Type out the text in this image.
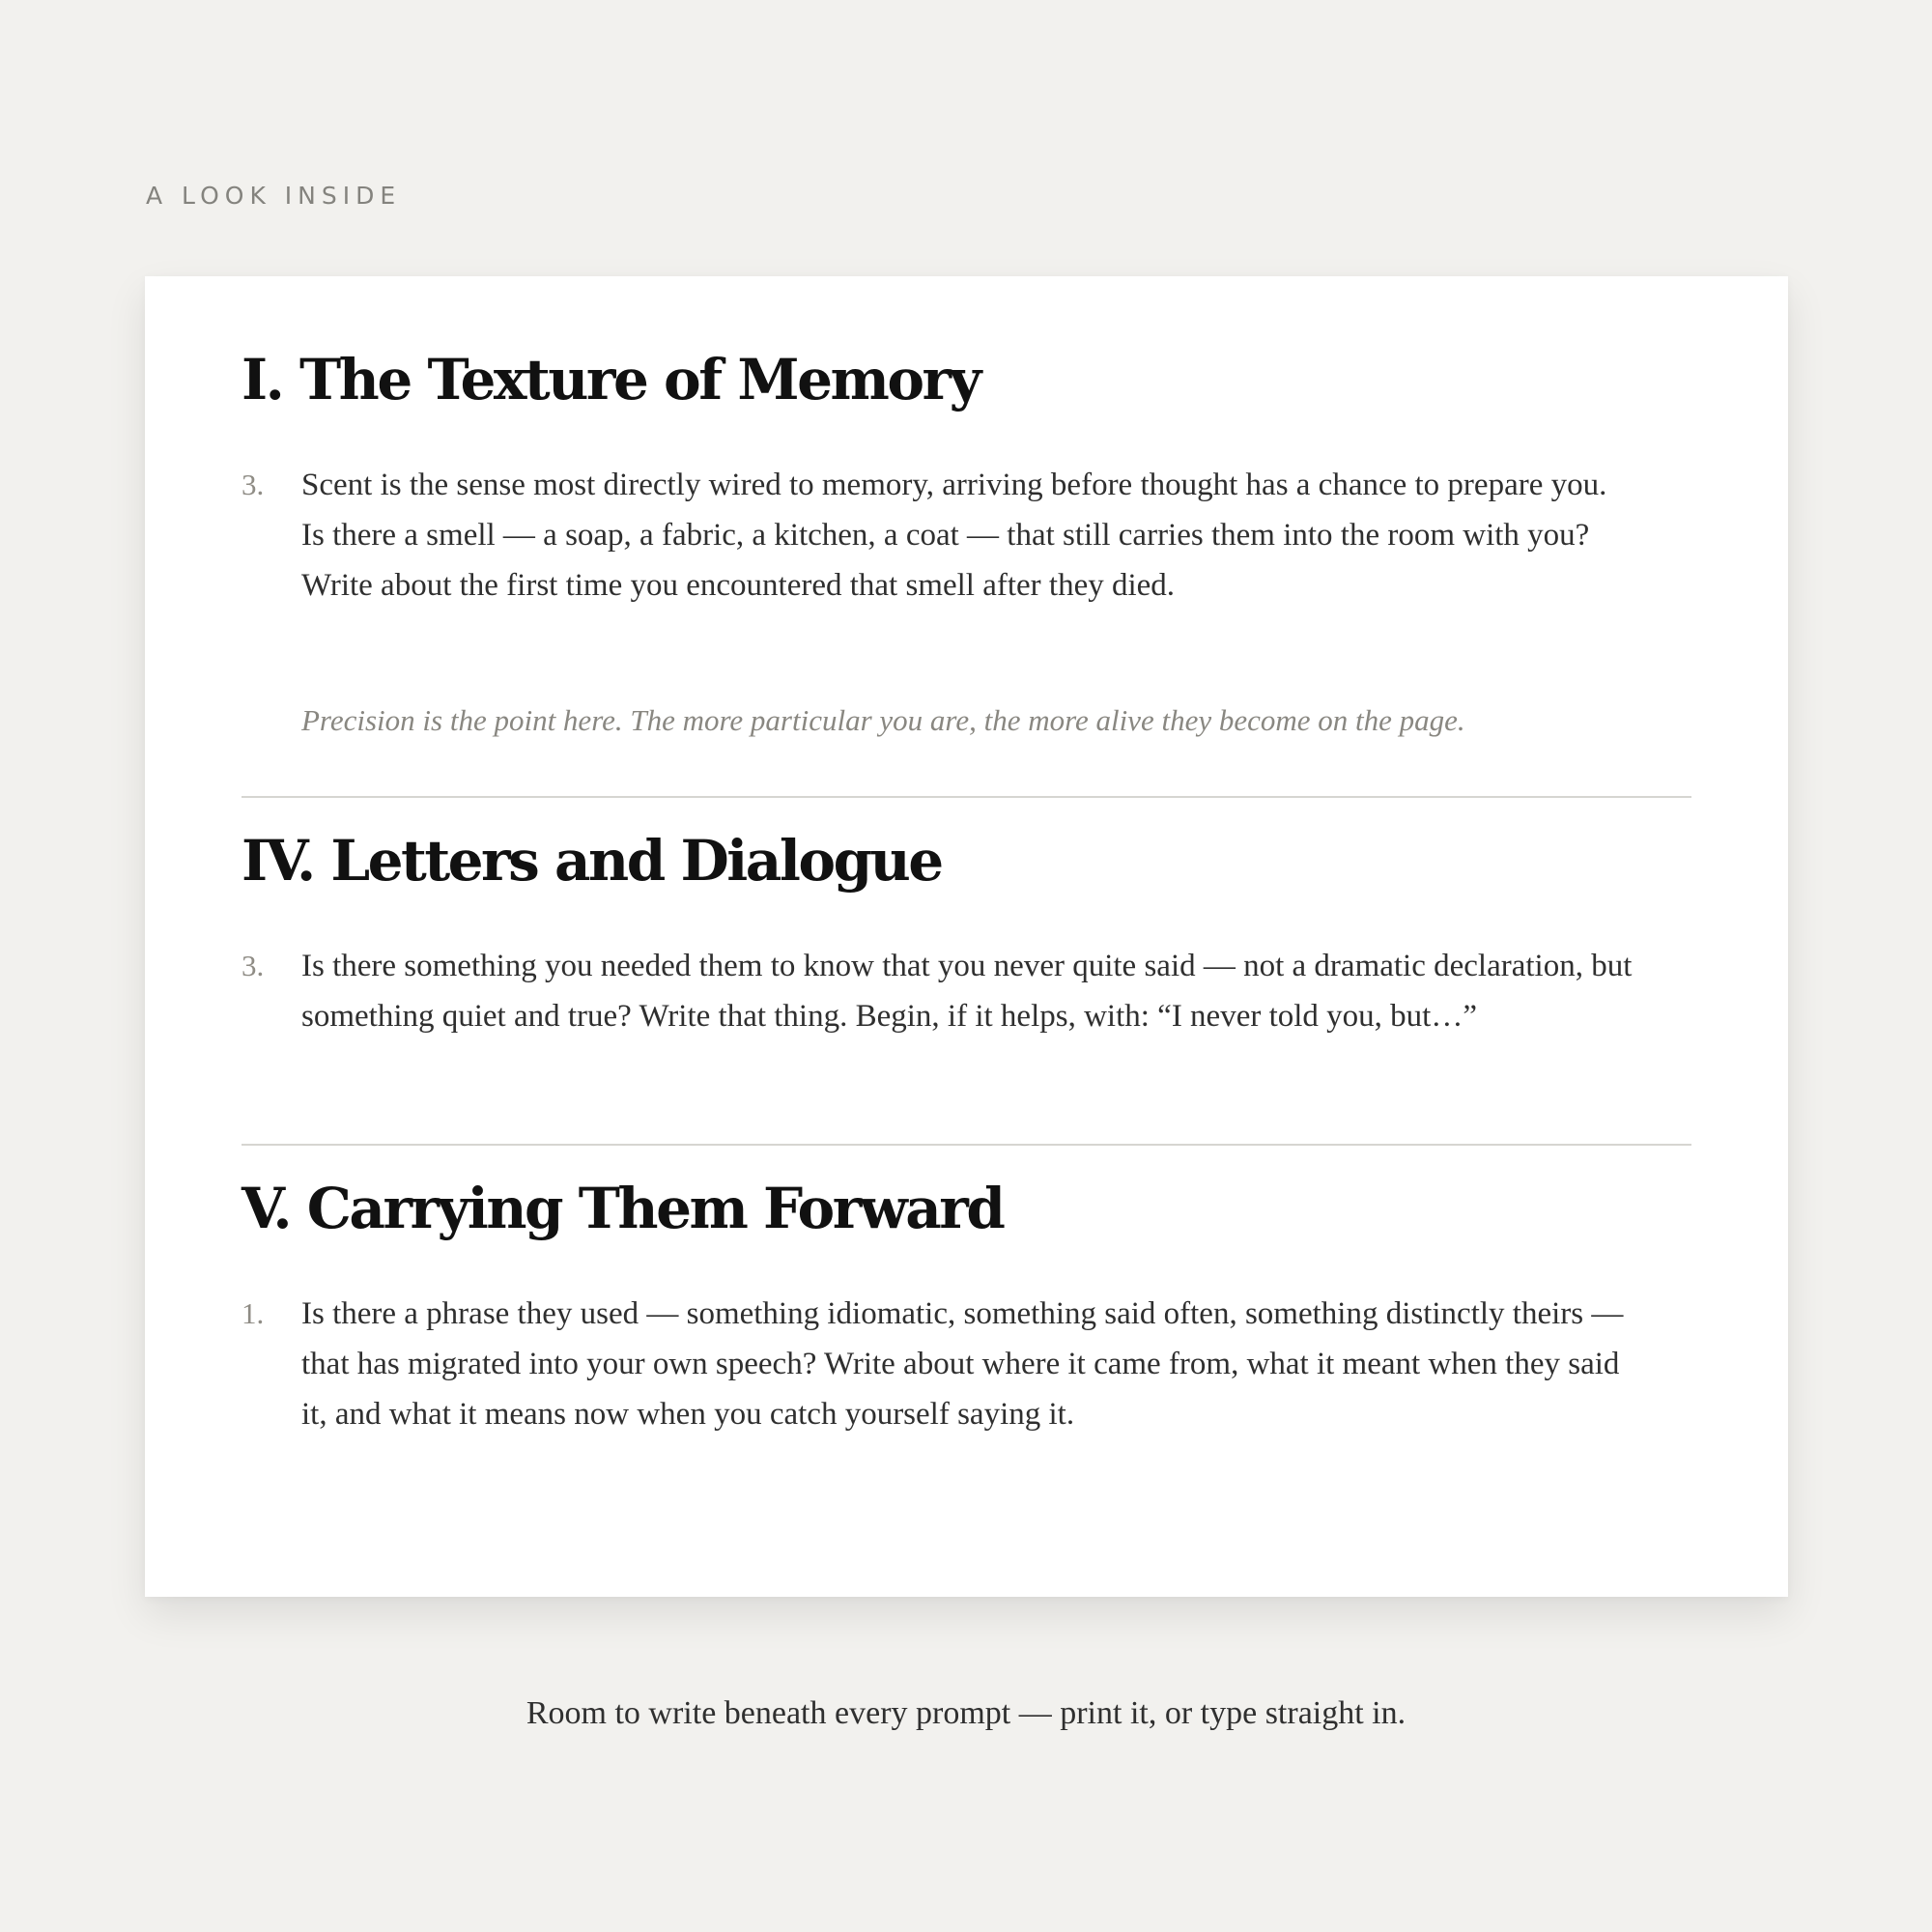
A LOOK INSIDE
I. The Texture of Memory
3. Scent is the sense most directly wired to memory, arriving before thought has a chance to prepare you. Is there a smell — a soap, a fabric, a kitchen, a coat — that still carries them into the room with you? Write about the first time you encountered that smell after they died.
Precision is the point here. The more particular you are, the more alive they become on the page.
IV. Letters and Dialogue
3. Is there something you needed them to know that you never quite said — not a dramatic declaration, but something quiet and true? Write that thing. Begin, if it helps, with: “I never told you, but…”
V. Carrying Them Forward
1. Is there a phrase they used — something idiomatic, something said often, something distinctly theirs — that has migrated into your own speech? Write about where it came from, what it meant when they said it, and what it means now when you catch yourself saying it.
Room to write beneath every prompt — print it, or type straight in.
